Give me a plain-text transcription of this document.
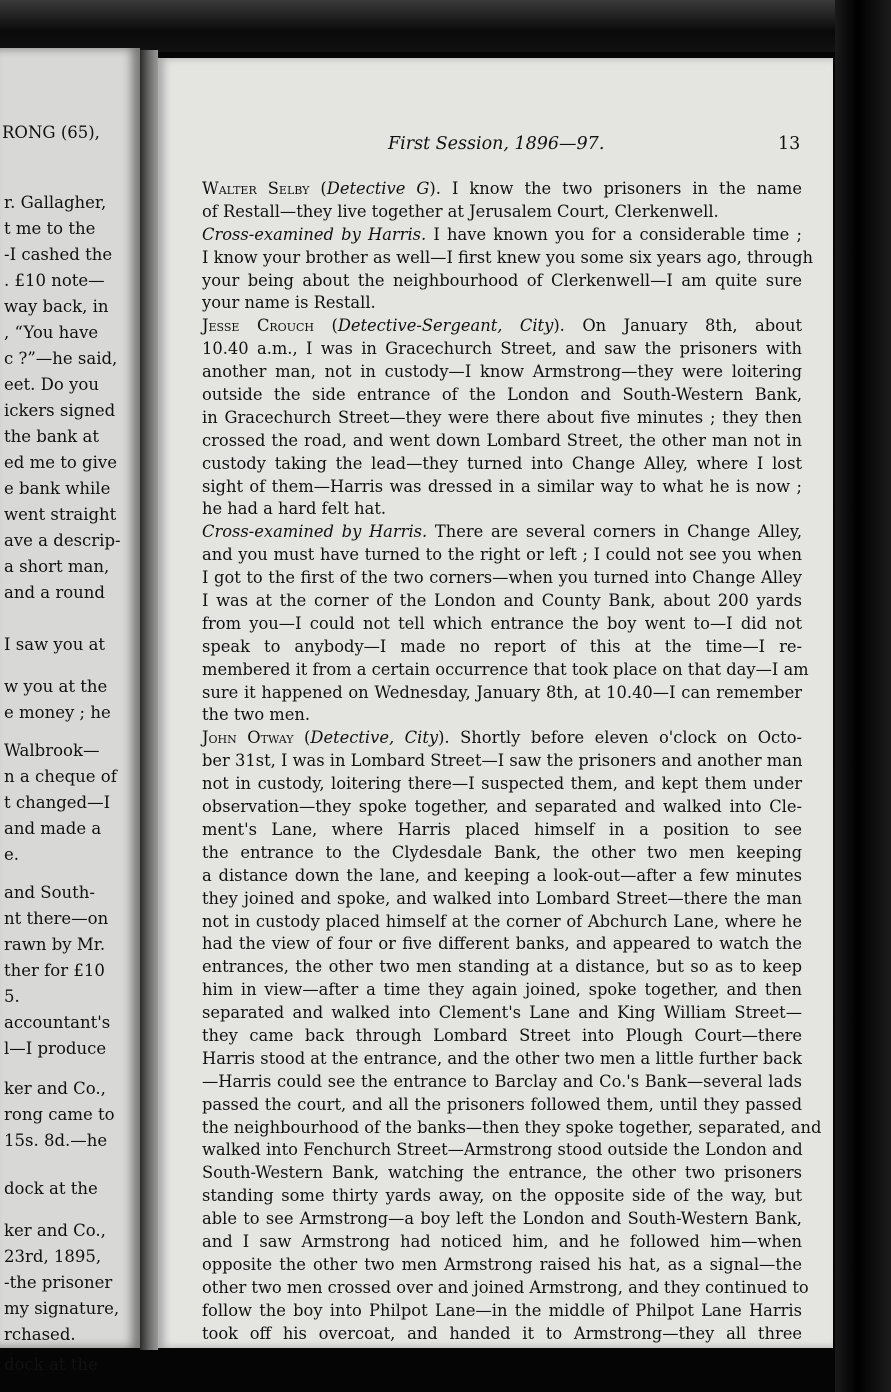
RONG (65),
r. Gallagher,
t me to the
-I cashed the
. £10 note—
way back, in
, “You have
c ?”—he said,
eet. Do you
ickers signed
the bank at
ed me to give
e bank while
went straight
ave a descrip-
a short man,
and a round
I saw you at
w you at the
e money ; he
Walbrook—
n a cheque of
t changed—I
and made a
e.
and South-
nt there—on
rawn by Mr.
ther for £10
5.
accountant's
l—I produce
ker and Co.,
rong came to
15s. 8d.—he
dock at the
ker and Co.,
23rd, 1895,
-the prisoner
my signature,
rchased.
dock at the
First Session, 1896—97.	13
Walter Selby (Detective G). I know the two prisoners in the name
of Restall—they live together at Jerusalem Court, Clerkenwell.
Cross-examined by Harris. I have known you for a considerable time ;
I know your brother as well—I first knew you some six years ago, through
your being about the neighbourhood of Clerkenwell—I am quite sure
your name is Restall.
Jesse Crouch (Detective-Sergeant, City). On January 8th, about
10.40 a.m., I was in Gracechurch Street, and saw the prisoners with
another man, not in custody—I know Armstrong—they were loitering
outside the side entrance of the London and South-Western Bank,
in Gracechurch Street—they were there about five minutes ; they then
crossed the road, and went down Lombard Street, the other man not in
custody taking the lead—they turned into Change Alley, where I lost
sight of them—Harris was dressed in a similar way to what he is now ;
he had a hard felt hat.
Cross-examined by Harris. There are several corners in Change Alley,
and you must have turned to the right or left ; I could not see you when
I got to the first of the two corners—when you turned into Change Alley
I was at the corner of the London and County Bank, about 200 yards
from you—I could not tell which entrance the boy went to—I did not
speak to anybody—I made no report of this at the time—I re-
membered it from a certain occurrence that took place on that day—I am
sure it happened on Wednesday, January 8th, at 10.40—I can remember
the two men.
John Otway (Detective, City). Shortly before eleven o'clock on Octo-
ber 31st, I was in Lombard Street—I saw the prisoners and another man
not in custody, loitering there—I suspected them, and kept them under
observation—they spoke together, and separated and walked into Cle-
ment's Lane, where Harris placed himself in a position to see
the entrance to the Clydesdale Bank, the other two men keeping
a distance down the lane, and keeping a look-out—after a few minutes
they joined and spoke, and walked into Lombard Street—there the man
not in custody placed himself at the corner of Abchurch Lane, where he
had the view of four or five different banks, and appeared to watch the
entrances, the other two men standing at a distance, but so as to keep
him in view—after a time they again joined, spoke together, and then
separated and walked into Clement's Lane and King William Street—
they came back through Lombard Street into Plough Court—there
Harris stood at the entrance, and the other two men a little further back
—Harris could see the entrance to Barclay and Co.'s Bank—several lads
passed the court, and all the prisoners followed them, until they passed
the neighbourhood of the banks—then they spoke together, separated, and
walked into Fenchurch Street—Armstrong stood outside the London and
South-Western Bank, watching the entrance, the other two prisoners
standing some thirty yards away, on the opposite side of the way, but
able to see Armstrong—a boy left the London and South-Western Bank,
and I saw Armstrong had noticed him, and he followed him—when
opposite the other two men Armstrong raised his hat, as a signal—the
other two men crossed over and joined Armstrong, and they continued to
follow the boy into Philpot Lane—in the middle of Philpot Lane Harris
took off his overcoat, and handed it to Armstrong—they all three
